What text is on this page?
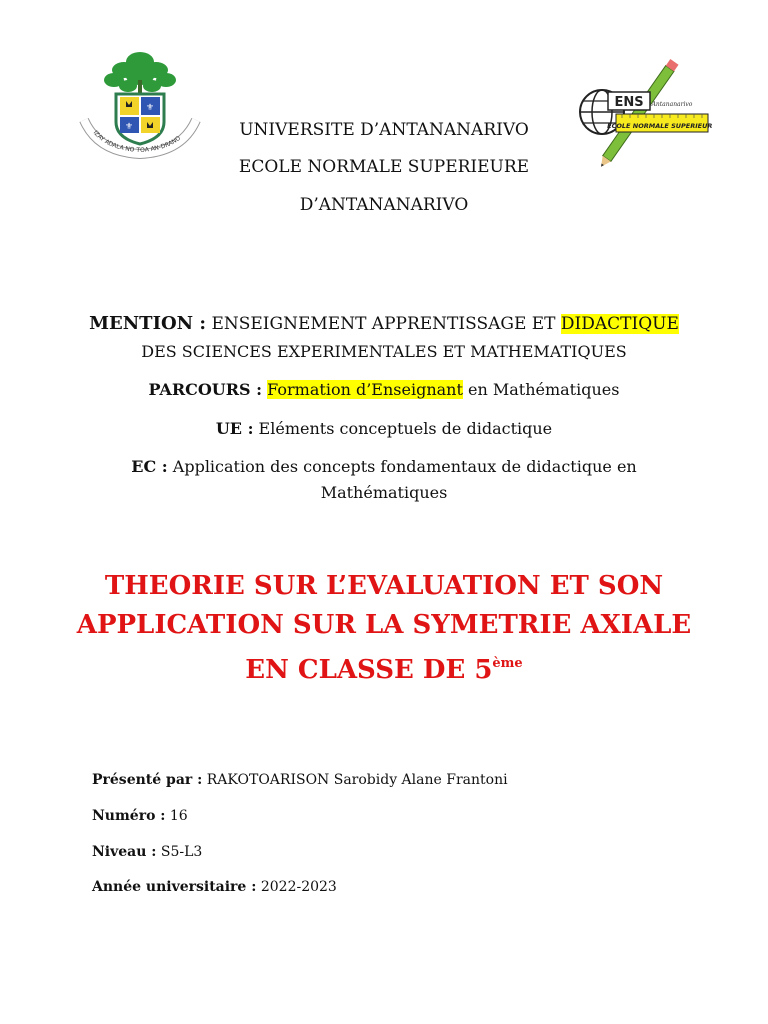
⚜
⚜
IZAY ADALA NO TOA AN-DRANO
ENS Antananarivo
ECOLE NORMALE SUPERIEURE
UNIVERSITE D’ANTANANARIVO
ECOLE NORMALE SUPERIEURE
D’ANTANANARIVO
MENTION : ENSEIGNEMENT APPRENTISSAGE ET DIDACTIQUE
DES SCIENCES EXPERIMENTALES ET MATHEMATIQUES
PARCOURS : Formation d’Enseignant en Mathématiques
UE : Eléments conceptuels de didactique
EC : Application des concepts fondamentaux de didactique en
Mathématiques
THEORIE SUR L’EVALUATION ET SON
APPLICATION SUR LA SYMETRIE AXIALE
EN CLASSE DE 5ème
Présenté par : RAKOTOARISON Sarobidy Alane Frantoni
Numéro : 16
Niveau : S5-L3
Année universitaire : 2022-2023
